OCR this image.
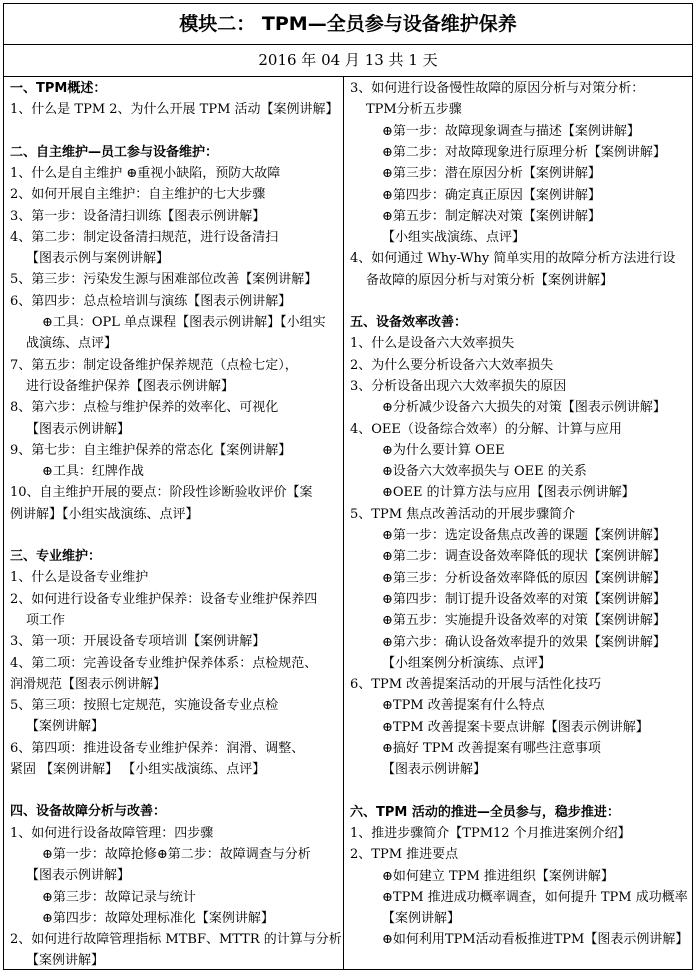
模块二： TPM—全员参与设备维护保养
2016 年 04 月 13 共 1 天
一、TPM概述：
1、什么是 TPM 2、为什么开展 TPM 活动【案例讲解】
二、自主维护—员工参与设备维护：
1、什么是自主维护 ⊕重视小缺陷，预防大故障
2、如何开展自主维护：自主维护的七大步骤
3、第一步：设备清扫训练【图表示例讲解】
4、第二步：制定设备清扫规范，进行设备清扫
【图表示例与案例讲解】
5、第三步：污染发生源与困难部位改善【案例讲解】
6、第四步：总点检培训与演练【图表示例讲解】
⊕工具：OPL 单点课程【图表示例讲解】【小组实
战演练、点评】
7、第五步：制定设备维护保养规范（点检七定），
进行设备维护保养【图表示例讲解】
8、第六步：点检与维护保养的效率化、可视化
【图表示例讲解】
9、第七步：自主维护保养的常态化【案例讲解】
⊕工具：红牌作战
10、自主维护开展的要点：阶段性诊断验收评价【案
例讲解】【小组实战演练、点评】
三、专业维护：
1、什么是设备专业维护
2、如何进行设备专业维护保养：设备专业维护保养四
项工作
3、第一项：开展设备专项培训【案例讲解】
4、第二项：完善设备专业维护保养体系：点检规范、
润滑规范【图表示例讲解】
5、第三项：按照七定规范，实施设备专业点检
【案例讲解】
6、第四项：推进设备专业维护保养：润滑、调整、
紧固 【案例讲解】 【小组实战演练、点评】
四、设备故障分析与改善：
1、如何进行设备故障管理：四步骤
⊕第一步：故障抢修⊕第二步：故障调查与分析
【图表示例讲解】
⊕第三步：故障记录与统计
⊕第四步：故障处理标准化【案例讲解】
2、如何进行故障管理指标 MTBF、MTTR 的计算与分析
【案例讲解】
3、如何进行设备慢性故障的原因分析与对策分析：
TPM分析五步骤
⊕第一步：故障现象调查与描述【案例讲解】
⊕第二步：对故障现象进行原理分析【案例讲解】
⊕第三步：潜在原因分析【案例讲解】
⊕第四步：确定真正原因【案例讲解】
⊕第五步：制定解决对策【案例讲解】
【小组实战演练、点评】
4、如何通过 Why-Why 简单实用的故障分析方法进行设
备故障的原因分析与对策分析【案例讲解】
五、设备效率改善：
1、什么是设备六大效率损失
2、为什么要分析设备六大效率损失
3、分析设备出现六大效率损失的原因
⊕分析减少设备六大损失的对策【图表示例讲解】
4、OEE（设备综合效率）的分解、计算与应用
⊕为什么要计算 OEE
⊕设备六大效率损失与 OEE 的关系
⊕OEE 的计算方法与应用【图表示例讲解】
5、TPM 焦点改善活动的开展步骤简介
⊕第一步：选定设备焦点改善的课题【案例讲解】
⊕第二步：调查设备效率降低的现状【案例讲解】
⊕第三步：分析设备效率降低的原因【案例讲解】
⊕第四步：制订提升设备效率的对策【案例讲解】
⊕第五步：实施提升设备效率的对策【案例讲解】
⊕第六步：确认设备效率提升的效果【案例讲解】
【小组案例分析演练、点评】
6、TPM 改善提案活动的开展与活性化技巧
⊕TPM 改善提案有什么特点
⊕TPM 改善提案卡要点讲解【图表示例讲解】
⊕搞好 TPM 改善提案有哪些注意事项
【图表示例讲解】
六、TPM 活动的推进—全员参与，稳步推进：
1、推进步骤简介【TPM12 个月推进案例介绍】
2、TPM 推进要点
⊕如何建立 TPM 推进组织【案例讲解】
⊕TPM 推进成功概率调查，如何提升 TPM 成功概率
【案例讲解】
⊕如何利用TPM活动看板推进TPM【图表示例讲解】
